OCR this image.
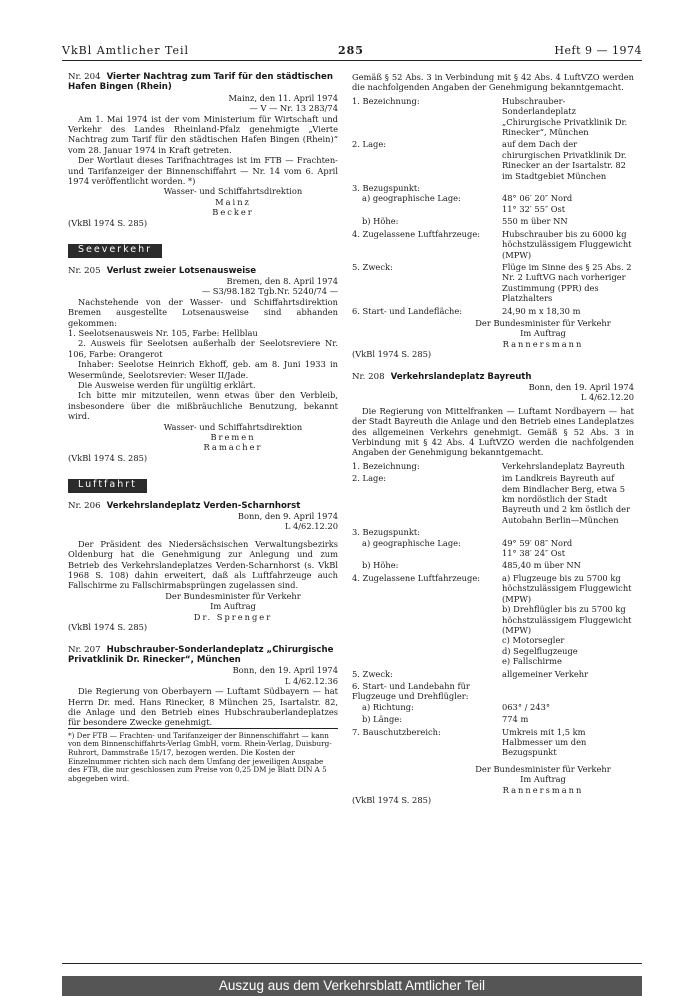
VkBl Amtlicher Teil	285	Heft 9 — 1974

Nr. 204 Vierter Nachtrag zum Tarif für den städtischen Hafen Bingen (Rhein)

Mainz, den 11. April 1974

— V — Nr. 13 283/74

Am 1. Mai 1974 ist der vom Ministerium für Wirtschaft und Verkehr des Landes Rheinland-Pfalz genehmigte „Vierte Nachtrag zum Tarif für den städtischen Hafen Bingen (Rhein)“ vom 28. Januar 1974 in Kraft getreten.

Der Wortlaut dieses Tarifnachtrages ist im FTB — Frachten- und Tarifanzeiger der Binnenschiffahrt — Nr. 14 vom 6. April 1974 veröffentlicht worden. *)

Wasser- und Schiffahrtsdirektion

Mainz

Becker

(VkBl 1974 S. 285)

Seeverkehr

Nr. 205 Verlust zweier Lotsenausweise

Bremen, den 8. April 1974

— S3/98.182 Tgb.Nr. 5240/74 —

Nachstehende von der Wasser- und Schiffahrtsdirektion Bremen ausgestellte Lotsenausweise sind abhanden gekommen:

1. Seelotsenausweis Nr. 105, Farbe: Hellblau

2. Ausweis für Seelotsen außerhalb der Seelotsreviere Nr. 106, Farbe: Orangerot

Inhaber: Seelotse Heinrich Ekhoff, geb. am 8. Juni 1933 in Wesermünde, Seelotsrevier: Weser II/Jade.

Die Ausweise werden für ungültig erklärt.

Ich bitte mir mitzuteilen, wenn etwas über den Verbleib, insbesondere über die mißbräuchliche Benutzung, bekannt wird.

Wasser- und Schiffahrtsdirektion

Bremen

Ramacher

(VkBl 1974 S. 285)

Luftfahrt

Nr. 206 Verkehrslandeplatz Verden-Scharnhorst

Bonn, den 9. April 1974

L 4/62.12.20

Der Präsident des Niedersächsischen Verwaltungsbezirks Oldenburg hat die Genehmigung zur Anlegung und zum Betrieb des Verkehrslandeplatzes Verden-Scharnhorst (s. VkBl 1968 S. 108) dahin erweitert, daß als Luftfahrzeuge auch Fallschirme zu Fallschirmabsprüngen zugelassen sind.

Der Bundesminister für Verkehr

Im Auftrag

Dr. Sprenger

(VkBl 1974 S. 285)

Nr. 207 Hubschrauber-Sonderlandeplatz „Chirurgische Privatklinik Dr. Rinecker“, München

Bonn, den 19. April 1974

L 4/62.12.36

Die Regierung von Oberbayern — Luftamt Südbayern — hat Herrn Dr. med. Hans Rinecker, 8 München 25, Isartalstr. 82, die Anlage und den Betrieb eines Hubschrauberlandeplatzes für besondere Zwecke genehmigt.

*) Der FTB — Frachten- und Tarifanzeiger der Binnenschiffahrt — kann von dem Binnenschiffahrts-Verlag GmbH, vorm. Rhein-Verlag, Duisburg-Ruhrort, Dammstraße 15/17, bezogen werden. Die Kosten der Einzelnummer richten sich nach dem Umfang der jeweiligen Ausgabe des FTB, die nur geschlossen zum Preise von 0,25 DM je Blatt DIN A 5 abgegeben wird.

Gemäß § 52 Abs. 3 in Verbindung mit § 42 Abs. 4 LuftVZO werden die nachfolgenden Angaben der Genehmigung bekanntgemacht.

1. Bezeichnung:	Hubschrauber-Sonderlandeplatz „Chirurgische Privatklinik Dr. Rinecker“, München
2. Lage:	auf dem Dach der chirurgischen Privatklinik Dr. Rinecker an der Isartalstr. 82 im Stadtgebiet München
3. Bezugspunkt:	
a) geographische Lage:	48° 06′ 20″ Nord
11° 32′ 55″ Ost
b) Höhe:	550 m über NN
4. Zugelassene Luftfahrzeuge:	Hubschrauber bis zu 6000 kg höchstzulässigem Fluggewicht (MPW)
5. Zweck:	Flüge im Sinne des § 25 Abs. 2 Nr. 2 LuftVG nach vorheriger Zustimmung (PPR) des Platzhalters
6. Start- und Landefläche:	24,90 m x 18,30 m

Der Bundesminister für Verkehr

Im Auftrag

Rannersmann

(VkBl 1974 S. 285)

Nr. 208 Verkehrslandeplatz Bayreuth

Bonn, den 19. April 1974

L 4/62.12.20

Die Regierung von Mittelfranken — Luftamt Nordbayern — hat der Stadt Bayreuth die Anlage und den Betrieb eines Landeplatzes des allgemeinen Verkehrs genehmigt. Gemäß § 52 Abs. 3 in Verbindung mit § 42 Abs. 4 LuftVZO werden die nachfolgenden Angaben der Genehmigung bekanntgemacht.

1. Bezeichnung:	Verkehrslandeplatz Bayreuth
2. Lage:	im Landkreis Bayreuth auf dem Bindlacher Berg, etwa 5 km nordöstlich der Stadt Bayreuth und 2 km östlich der Autobahn Berlin—München
3. Bezugspunkt:	
a) geographische Lage:	49° 59′ 08″ Nord
11° 38′ 24″ Ost
b) Höhe:	485,40 m über NN
4. Zugelassene Luftfahrzeuge:	a) Flugzeuge bis zu 5700 kg höchstzulässigem Fluggewicht (MPW)
b) Drehflügler bis zu 5700 kg höchstzulässigem Fluggewicht (MPW)
c) Motorsegler
d) Segelflugzeuge
e) Fallschirme
5. Zweck:	allgemeiner Verkehr
6. Start- und Landebahn für Flugzeuge und Drehflügler:	
a) Richtung:	063° / 243°
b) Länge:	774 m
7. Bauschutzbereich:	Umkreis mit 1,5 km Halbmesser um den Bezugspunkt

Der Bundesminister für Verkehr

Im Auftrag

Rannersmann

(VkBl 1974 S. 285)

Auszug aus dem Verkehrsblatt Amtlicher Teil
